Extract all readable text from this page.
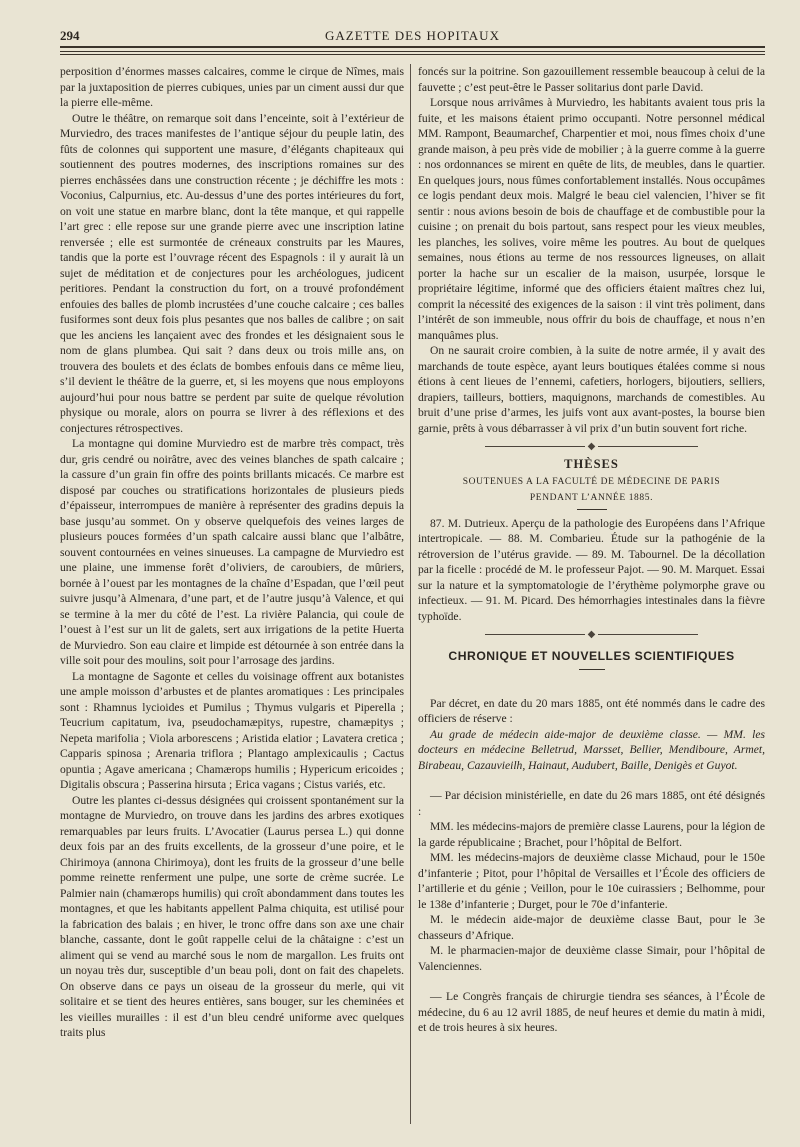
294	GAZETTE DES HOPITAUX

perposition d’énormes masses calcaires, comme le cirque de Nîmes, mais par la juxtaposition de pierres cubiques, unies par un ciment aussi dur que la pierre elle-même.

Outre le théâtre, on remarque soit dans l’enceinte, soit à l’extérieur de Murviedro, des traces manifestes de l’antique séjour du peuple latin, des fûts de colonnes qui supportent une masure, d’élégants chapiteaux qui soutiennent des poutres modernes, des inscriptions romaines sur des pierres enchâssées dans une construction récente ; je déchiffre les mots : Voconius, Calpurnius, etc. Au-dessus d’une des portes intérieures du fort, on voit une statue en marbre blanc, dont la tête manque, et qui rappelle l’art grec : elle repose sur une grande pierre avec une inscription latine renversée ; elle est surmontée de créneaux construits par les Maures, tandis que la porte est l’ouvrage récent des Espagnols : il y aurait là un sujet de méditation et de conjectures pour les archéologues, judicent peritiores. Pendant la construction du fort, on a trouvé profondément enfouies des balles de plomb incrustées d’une couche calcaire ; ces balles fusiformes sont deux fois plus pesantes que nos balles de calibre ; on sait que les anciens les lançaient avec des frondes et les désignaient sous le nom de glans plumbea. Qui sait ? dans deux ou trois mille ans, on trouvera des boulets et des éclats de bombes enfouis dans ce même lieu, s’il devient le théâtre de la guerre, et, si les moyens que nous employons aujourd’hui pour nous battre se perdent par suite de quelque révolution physique ou morale, alors on pourra se livrer à des réflexions et des conjectures rétrospectives.

La montagne qui domine Murviedro est de marbre très compact, très dur, gris cendré ou noirâtre, avec des veines blanches de spath calcaire ; la cassure d’un grain fin offre des points brillants micacés. Ce marbre est disposé par couches ou stratifications horizontales de plusieurs pieds d’épaisseur, interrompues de manière à représenter des gradins depuis la base jusqu’au sommet. On y observe quelquefois des veines larges de plusieurs pouces formées d’un spath calcaire aussi blanc que l’albâtre, souvent contournées en veines sinueuses. La campagne de Murviedro est une plaine, une immense forêt d’oliviers, de caroubiers, de mûriers, bornée à l’ouest par les montagnes de la chaîne d’Espadan, que l’œil peut suivre jusqu’à Almenara, d’une part, et de l’autre jusqu’à Valence, et qui se termine à la mer du côté de l’est. La rivière Palancia, qui coule de l’ouest à l’est sur un lit de galets, sert aux irrigations de la petite Huerta de Murviedro. Son eau claire et limpide est détournée à son entrée dans la ville soit pour des moulins, soit pour l’arrosage des jardins.

La montagne de Sagonte et celles du voisinage offrent aux botanistes une ample moisson d’arbustes et de plantes aromatiques : Les principales sont : Rhamnus lycioides et Pumilus ; Thymus vulgaris et Piperella ; Teucrium capitatum, iva, pseudochamæpitys, rupestre, chamæpitys ; Nepeta marifolia ; Viola arborescens ; Aristida elatior ; Lavatera cretica ; Capparis spinosa ; Arenaria triflora ; Plantago amplexicaulis ; Cactus opuntia ; Agave americana ; Chamærops humilis ; Hypericum ericoides ; Digitalis obscura ; Passerina hirsuta ; Erica vagans ; Cistus variés, etc.

Outre les plantes ci-dessus désignées qui croissent spontanément sur la montagne de Murviedro, on trouve dans les jardins des arbres exotiques remarquables par leurs fruits. L’Avocatier (Laurus persea L.) qui donne deux fois par an des fruits excellents, de la grosseur d’une poire, et le Chirimoya (annona Chirimoya), dont les fruits de la grosseur d’une belle pomme reinette renferment une pulpe, une sorte de crème sucrée. Le Palmier nain (chamærops humilis) qui croît abondamment dans toutes les montagnes, et que les habitants appellent Palma chiquita, est utilisé pour la fabrication des balais ; en hiver, le tronc offre dans son axe une chair blanche, cassante, dont le goût rappelle celui de la châtaigne : c’est un aliment qui se vend au marché sous le nom de margallon. Les fruits ont un noyau très dur, susceptible d’un beau poli, dont on fait des chapelets. On observe dans ce pays un oiseau de la grosseur du merle, qui vit solitaire et se tient des heures entières, sans bouger, sur les cheminées et les vieilles murailles : il est d’un bleu cendré uniforme avec quelques traits plus

foncés sur la poitrine. Son gazouillement ressemble beaucoup à celui de la fauvette ; c’est peut-être le Passer solitarius dont parle David.

Lorsque nous arrivâmes à Murviedro, les habitants avaient tous pris la fuite, et les maisons étaient primo occupanti. Notre personnel médical MM. Rampont, Beaumarchef, Charpentier et moi, nous fîmes choix d’une grande maison, à peu près vide de mobilier ; à la guerre comme à la guerre : nos ordonnances se mirent en quête de lits, de meubles, dans le quartier. En quelques jours, nous fûmes confortablement installés. Nous occupâmes ce logis pendant deux mois. Malgré le beau ciel valencien, l’hiver se fit sentir : nous avions besoin de bois de chauffage et de combustible pour la cuisine ; on prenait du bois partout, sans respect pour les vieux meubles, les planches, les solives, voire même les poutres. Au bout de quelques semaines, nous étions au terme de nos ressources ligneuses, on allait porter la hache sur un escalier de la maison, usurpée, lorsque le propriétaire légitime, informé que des officiers étaient maîtres chez lui, comprit la nécessité des exigences de la saison : il vint très poliment, dans l’intérêt de son immeuble, nous offrir du bois de chauffage, et nous n’en manquâmes plus.

On ne saurait croire combien, à la suite de notre armée, il y avait des marchands de toute espèce, ayant leurs boutiques étalées comme si nous étions à cent lieues de l’ennemi, cafetiers, horlogers, bijoutiers, selliers, drapiers, tailleurs, bottiers, maquignons, marchands de comestibles. Au bruit d’une prise d’armes, les juifs vont aux avant-postes, la bourse bien garnie, prêts à vous débarrasser à vil prix d’un butin souvent fort riche.

◆
THÈSES
SOUTENUES A LA FACULTÉ DE MÉDECINE DE PARIS
PENDANT L’ANNÉE 1885.

87. M. Dutrieux. Aperçu de la pathologie des Européens dans l’Afrique intertropicale. — 88. M. Combarieu. Étude sur la pathogénie de la rétroversion de l’utérus gravide. — 89. M. Tabournel. De la décollation par la ficelle : procédé de M. le professeur Pajot. — 90. M. Marquet. Essai sur la nature et la symptomatologie de l’érythème polymorphe grave ou infectieux. — 91. M. Picard. Des hémorrhagies intestinales dans la fièvre typhoïde.

◆
CHRONIQUE ET NOUVELLES SCIENTIFIQUES

Par décret, en date du 20 mars 1885, ont été nommés dans le cadre des officiers de réserve :

Au grade de médecin aide-major de deuxième classe. — MM. les docteurs en médecine Belletrud, Marsset, Bellier, Mendiboure, Armet, Birabeau, Cazauvieilh, Hainaut, Audubert, Baille, Denigès et Guyot.

— Par décision ministérielle, en date du 26 mars 1885, ont été désignés :

MM. les médecins-majors de première classe Laurens, pour la légion de la garde républicaine ; Brachet, pour l’hôpital de Belfort.

MM. les médecins-majors de deuxième classe Michaud, pour le 150e d’infanterie ; Pitot, pour l’hôpital de Versailles et l’École des officiers de l’artillerie et du génie ; Veillon, pour le 10e cuirassiers ; Belhomme, pour le 138e d’infanterie ; Durget, pour le 70e d’infanterie.

M. le médecin aide-major de deuxième classe Baut, pour le 3e chasseurs d’Afrique.

M. le pharmacien-major de deuxième classe Simair, pour l’hôpital de Valenciennes.

— Le Congrès français de chirurgie tiendra ses séances, à l’École de médecine, du 6 au 12 avril 1885, de neuf heures et demie du matin à midi, et de trois heures à six heures.
